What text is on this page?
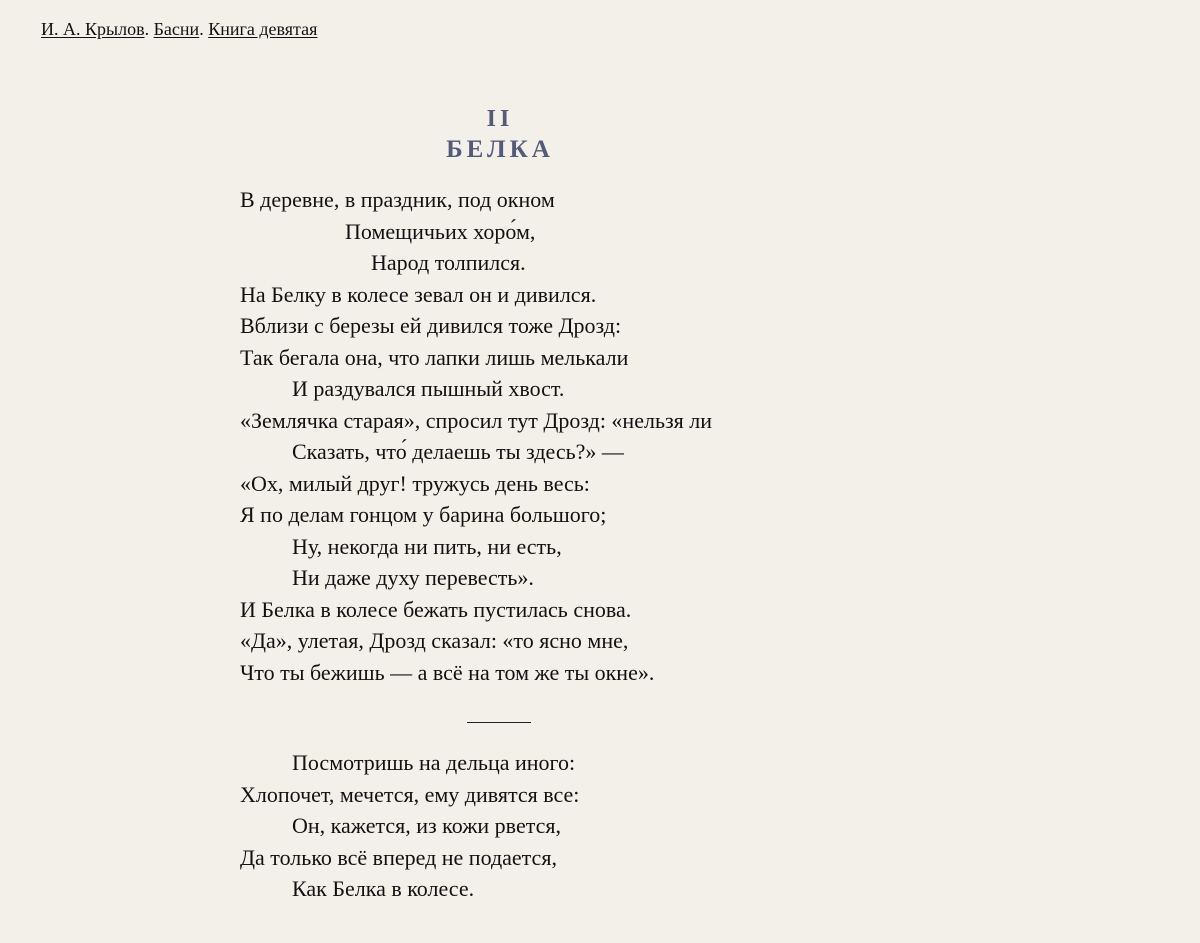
И. А. Крылов. Басни. Книга девятая
II
БЕЛКА
В деревне, в праздник, под окном
Помещичьих хоро́м,
Народ толпился.
На Белку в колесе зевал он и дивился.
Вблизи с березы ей дивился тоже Дрозд:
Так бегала она, что лапки лишь мелькали
И раздувался пышный хвост.
«Землячка старая», спросил тут Дрозд: «нельзя ли
Сказать, что́ делаешь ты здесь?» —
«Ох, милый друг! тружусь день весь:
Я по делам гонцом у барина большого;
Ну, некогда ни пить, ни есть,
Ни даже духу перевесть».
И Белка в колесе бежать пустилась снова.
«Да», улетая, Дрозд сказал: «то ясно мне,
Что ты бежишь — а всё на том же ты окне».
Посмотришь на дельца иного:
Хлопочет, мечется, ему дивятся все:
Он, кажется, из кожи рвется,
Да только всё вперед не подается,
Как Белка в колесе.
